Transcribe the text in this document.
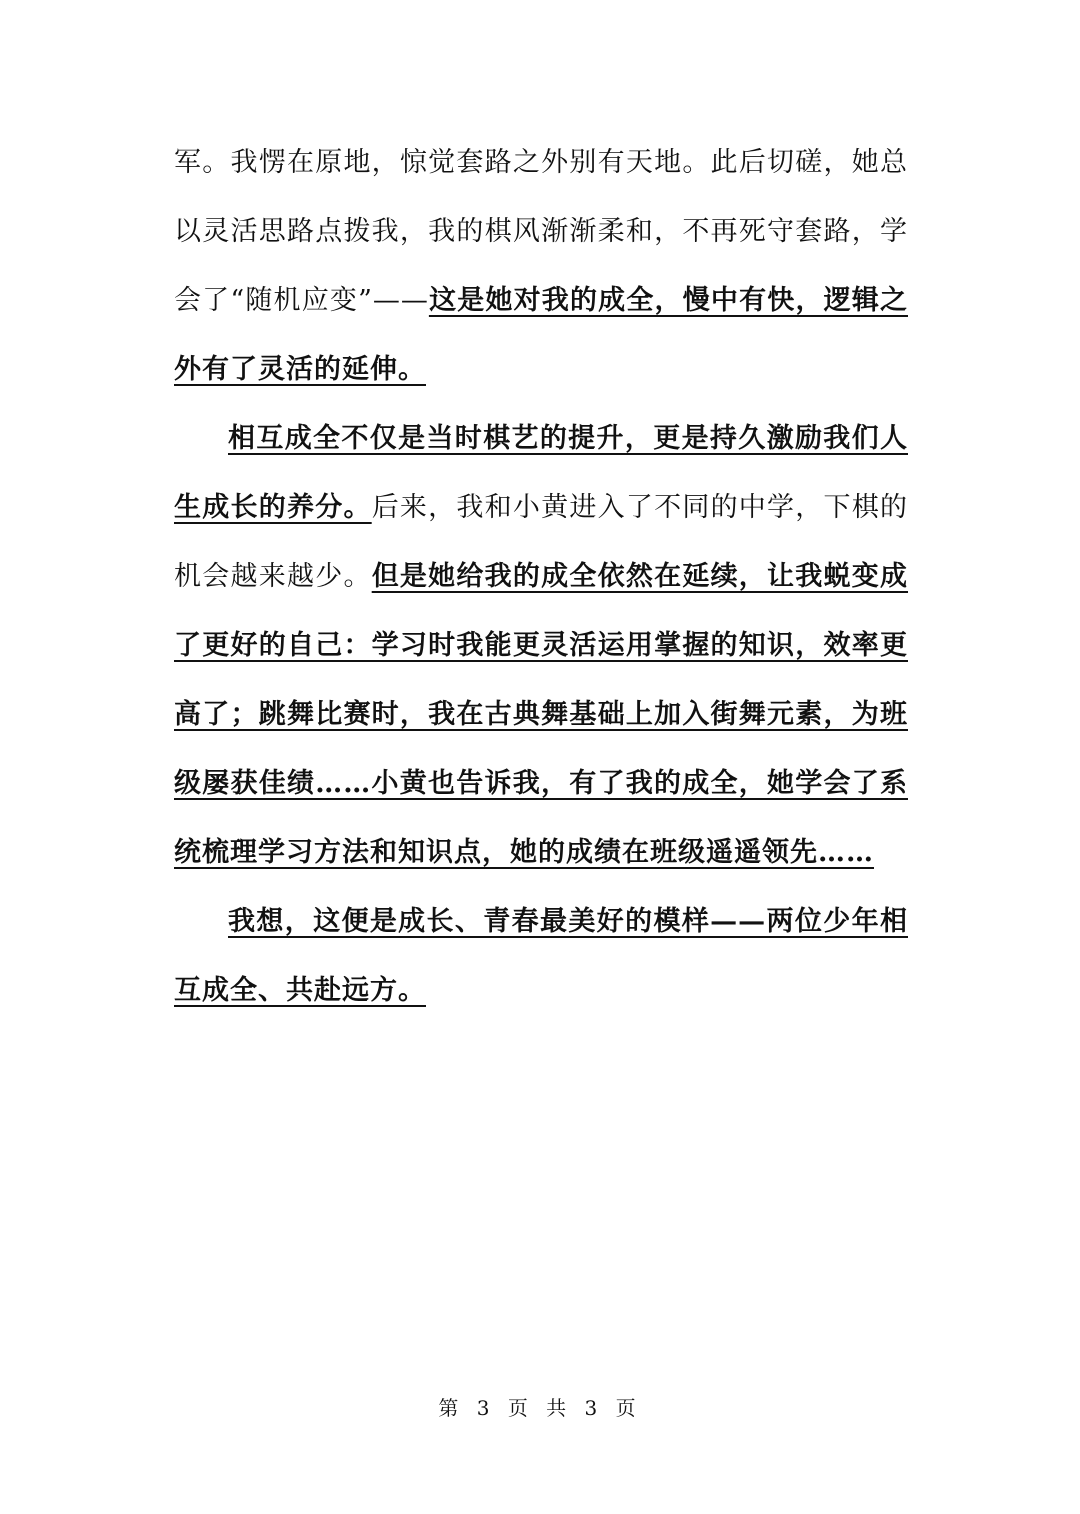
军。我愣在原地，惊觉套路之外别有天地。此后切磋，她总以灵活思路点拨我，我的棋风渐渐柔和，不再死守套路，学会了“随机应变”——这是她对我的成全，慢中有快，逻辑之外有了灵活的延伸。

相互成全不仅是当时棋艺的提升，更是持久激励我们人生成长的养分。后来，我和小黄进入了不同的中学，下棋的机会越来越少。但是她给我的成全依然在延续，让我蜕变成了更好的自己：学习时我能更灵活运用掌握的知识，效率更高了；跳舞比赛时，我在古典舞基础上加入街舞元素，为班级屡获佳绩……小黄也告诉我，有了我的成全，她学会了系统梳理学习方法和知识点，她的成绩在班级遥遥领先……

我想，这便是成长、青春最美好的模样——两位少年相互成全、共赴远方。

第 3 页 共 3 页
